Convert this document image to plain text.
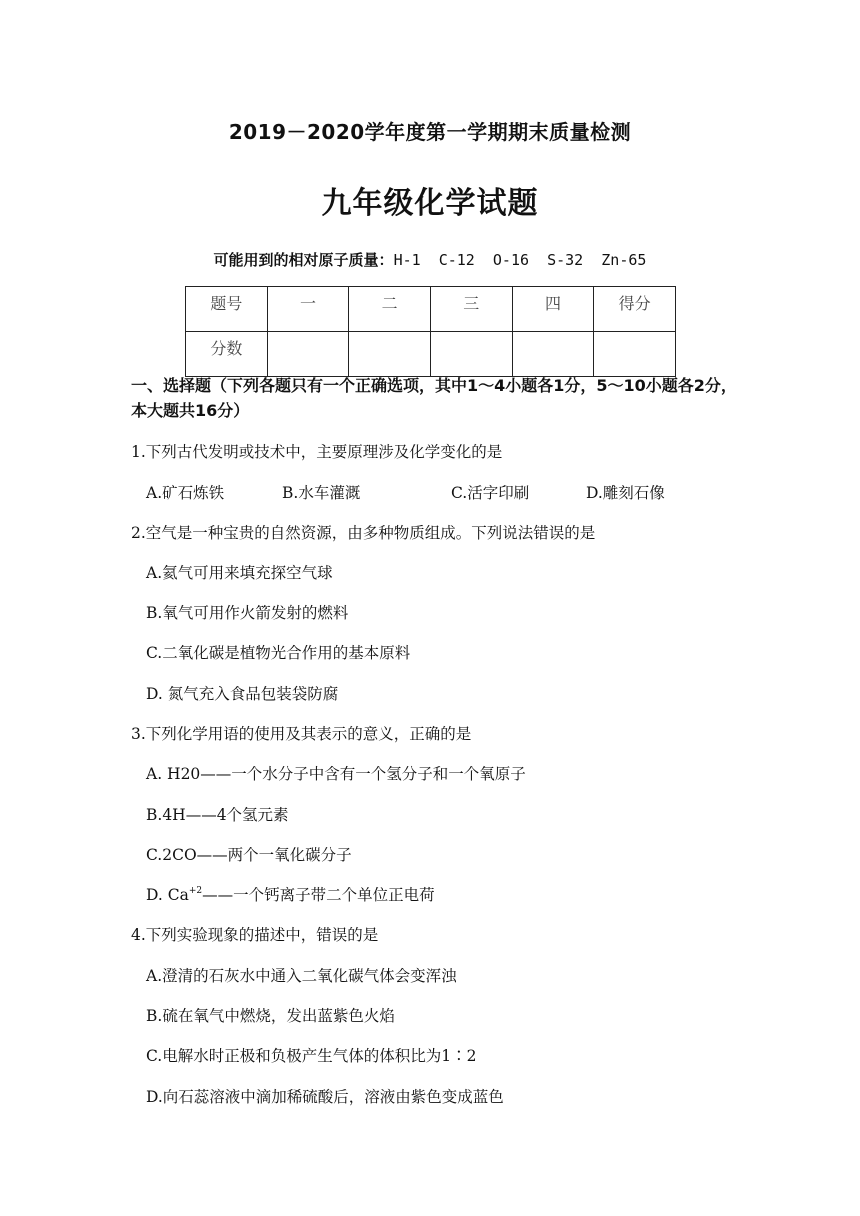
2019－2020学年度第一学期期末质量检测
九年级化学试题
可能用到的相对原子质量：H-1  C-12  O-16  S-32  Zn-65
题号	一	二	三	四	得分
分数					
一、选择题（下列各题只有一个正确选项，其中1～4小题各1分，5～10小题各2分，本大题共16分）
1.下列古代发明或技术中，主要原理涉及化学变化的是
A.矿石炼铁	B.水车灌溉	C.活字印刷	D.雕刻石像
2.空气是一种宝贵的自然资源，由多种物质组成。下列说法错误的是
A.氦气可用来填充探空气球
B.氧气可用作火箭发射的燃料
C.二氧化碳是植物光合作用的基本原料
D. 氮气充入食品包装袋防腐
3.下列化学用语的使用及其表示的意义，正确的是
A. H20——一个水分子中含有一个氢分子和一个氧原子
B.4H——4个氢元素
C.2CO——两个一氧化碳分子
D. $Ca^{+2}——$一个钙离子带二个单位正电荷
4.下列实验现象的描述中，错误的是
A.澄清的石灰水中通入二氧化碳气体会变浑浊
B.硫在氧气中燃烧，发出蓝紫色火焰
C.电解水时正极和负极产生气体的体积比为1∶2
D.向石蕊溶液中滴加稀硫酸后，溶液由紫色变成蓝色
